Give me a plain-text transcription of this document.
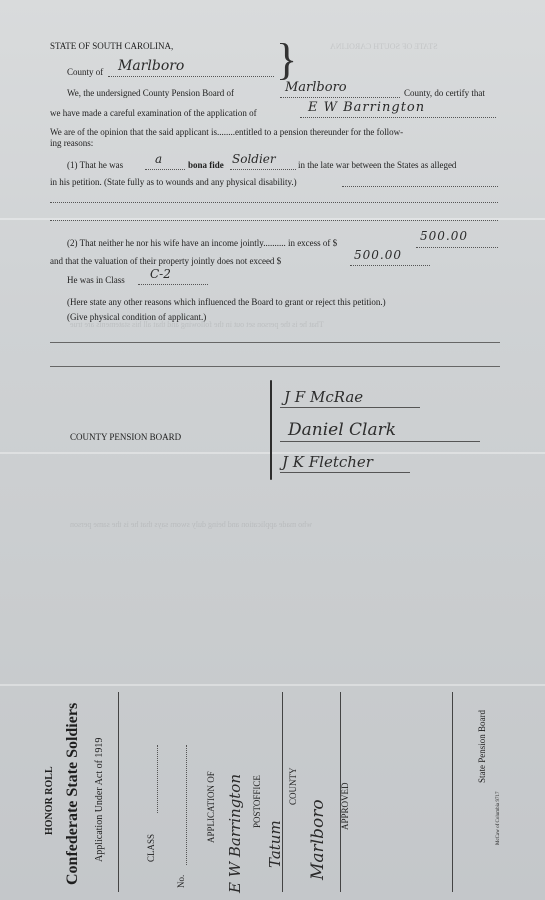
STATE OF SOUTH CAROLINA
That he is the person set out in the following and that all his statements are true
who made application and being duly sworn says that he is the same person
STATE OF SOUTH CAROLINA, }
County of Marlboro
We, the undersigned County Pension Board of	Marlboro	County, do certify that
we have made a careful examination of the application of	E W Barrington
We are of the opinion that the said applicant is........entitled to a pension thereunder for the follow-
ing reasons:
(1) That he was	a	bona fide Soldier in the late war between the States as alleged
in his petition. (State fully as to wounds and any physical disability.)
(2) That neither he nor his wife have an income jointly.......... in excess of $	500.00
and that the valuation of their property jointly does not exceed $	500.00
He was in Class C-2
(Here state any other reasons which influenced the Board to grant or reject this petition.)
(Give physical condition of applicant.)
COUNTY PENSION BOARD
J F McRae
Daniel Clark
J K Fletcher
HONOR ROLL Confederate State Soldiers Application Under Act of 1919	CLASS
No.
APPLICATION OF E W Barrington POSTOFFICE
Tatum
COUNTY
Marlboro APPROVED
State Pension Board
McCaw of Columbia 9717
